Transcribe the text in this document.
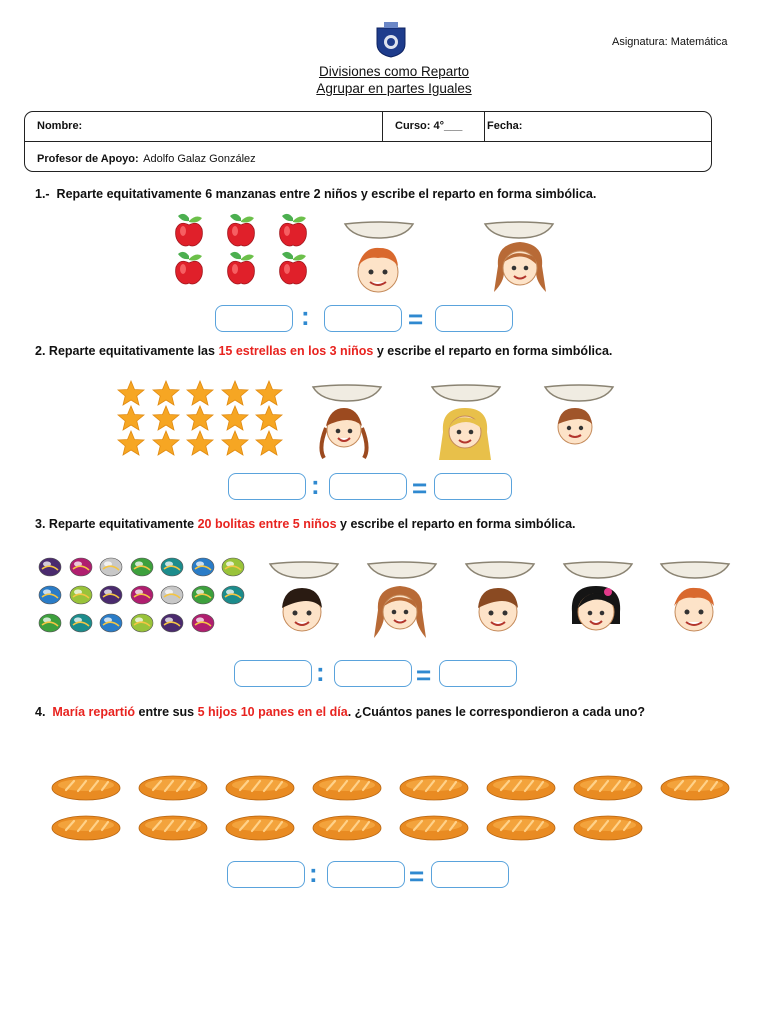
Asignatura: Matemática
Divisiones como Reparto
Agrupar en partes Iguales
Nombre:	Curso: 4°___ Fecha:
Profesor de Apoyo: Adolfo Galaz González
1.- Reparte equitativamente 6 manzanas entre 2 niños y escribe el reparto en forma simbólica.
:	=
2. Reparte equitativamente las 15 estrellas en los 3 niños y escribe el reparto en forma simbólica.
:	=
3. Reparte equitativamente 20 bolitas entre 5 niños y escribe el reparto en forma simbólica.
:	=
4. María repartió entre sus 5 hijos 10 panes en el día. ¿Cuántos panes le correspondieron a cada uno?
:	=
